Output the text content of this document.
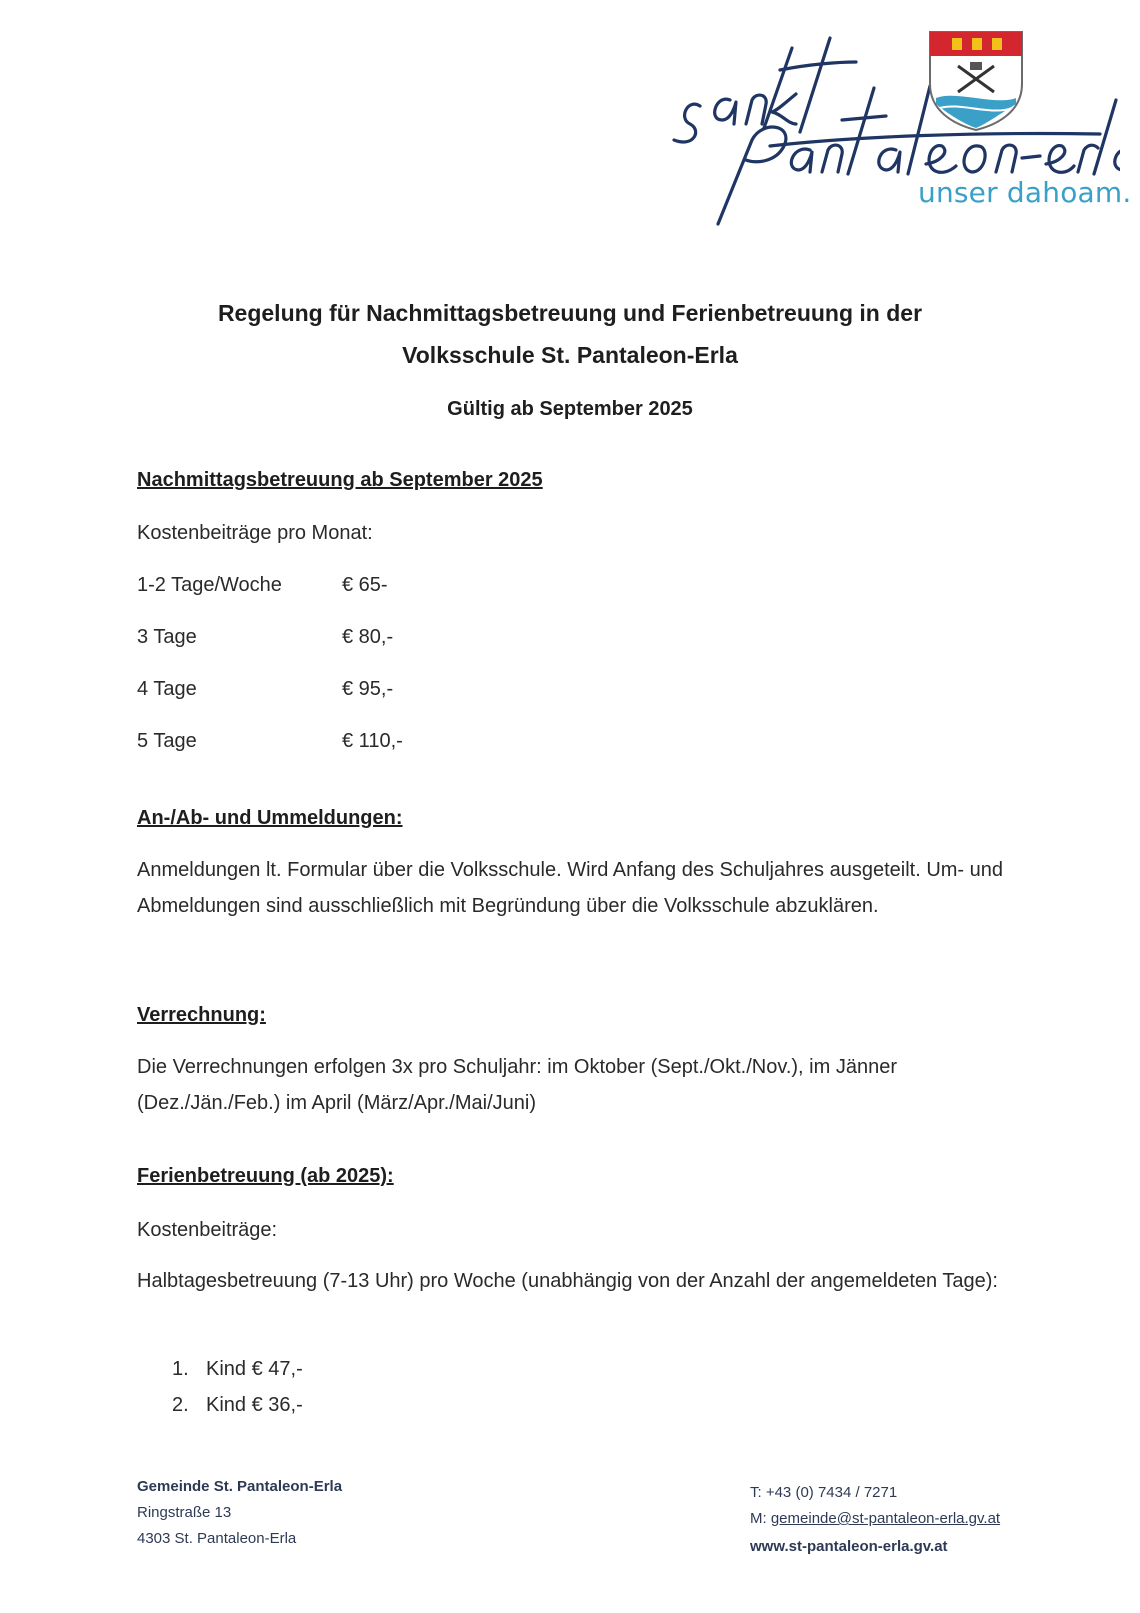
unser dahoam.
Regelung für Nachmittagsbetreuung und Ferienbetreuung in der
Volksschule St. Pantaleon-Erla
Gültig ab September 2025
Nachmittagsbetreuung ab September 2025
Kostenbeiträge pro Monat:
1-2 Tage/Woche	€ 65-
3 Tage	€ 80,-
4 Tage	€ 95,-
5 Tage	€ 110,-
An-/Ab- und Ummeldungen:
Anmeldungen lt. Formular über die Volksschule. Wird Anfang des Schuljahres ausgeteilt. Um- und Abmeldungen sind ausschließlich mit Begründung über die Volksschule abzuklären.
Verrechnung:
Die Verrechnungen erfolgen 3x pro Schuljahr: im Oktober (Sept./Okt./Nov.), im Jänner (Dez./Jän./Feb.) im April (März/Apr./Mai/Juni)
Ferienbetreuung (ab 2025):
Kostenbeiträge:
Halbtagesbetreuung (7-13 Uhr) pro Woche (unabhängig von der Anzahl der angemeldeten Tage):
1. Kind € 47,-
2. Kind € 36,-
Gemeinde St. Pantaleon-Erla
Ringstraße 13
4303 St. Pantaleon-Erla
T: +43 (0) 7434 / 7271
M: gemeinde@st-pantaleon-erla.gv.at
www.st-pantaleon-erla.gv.at
